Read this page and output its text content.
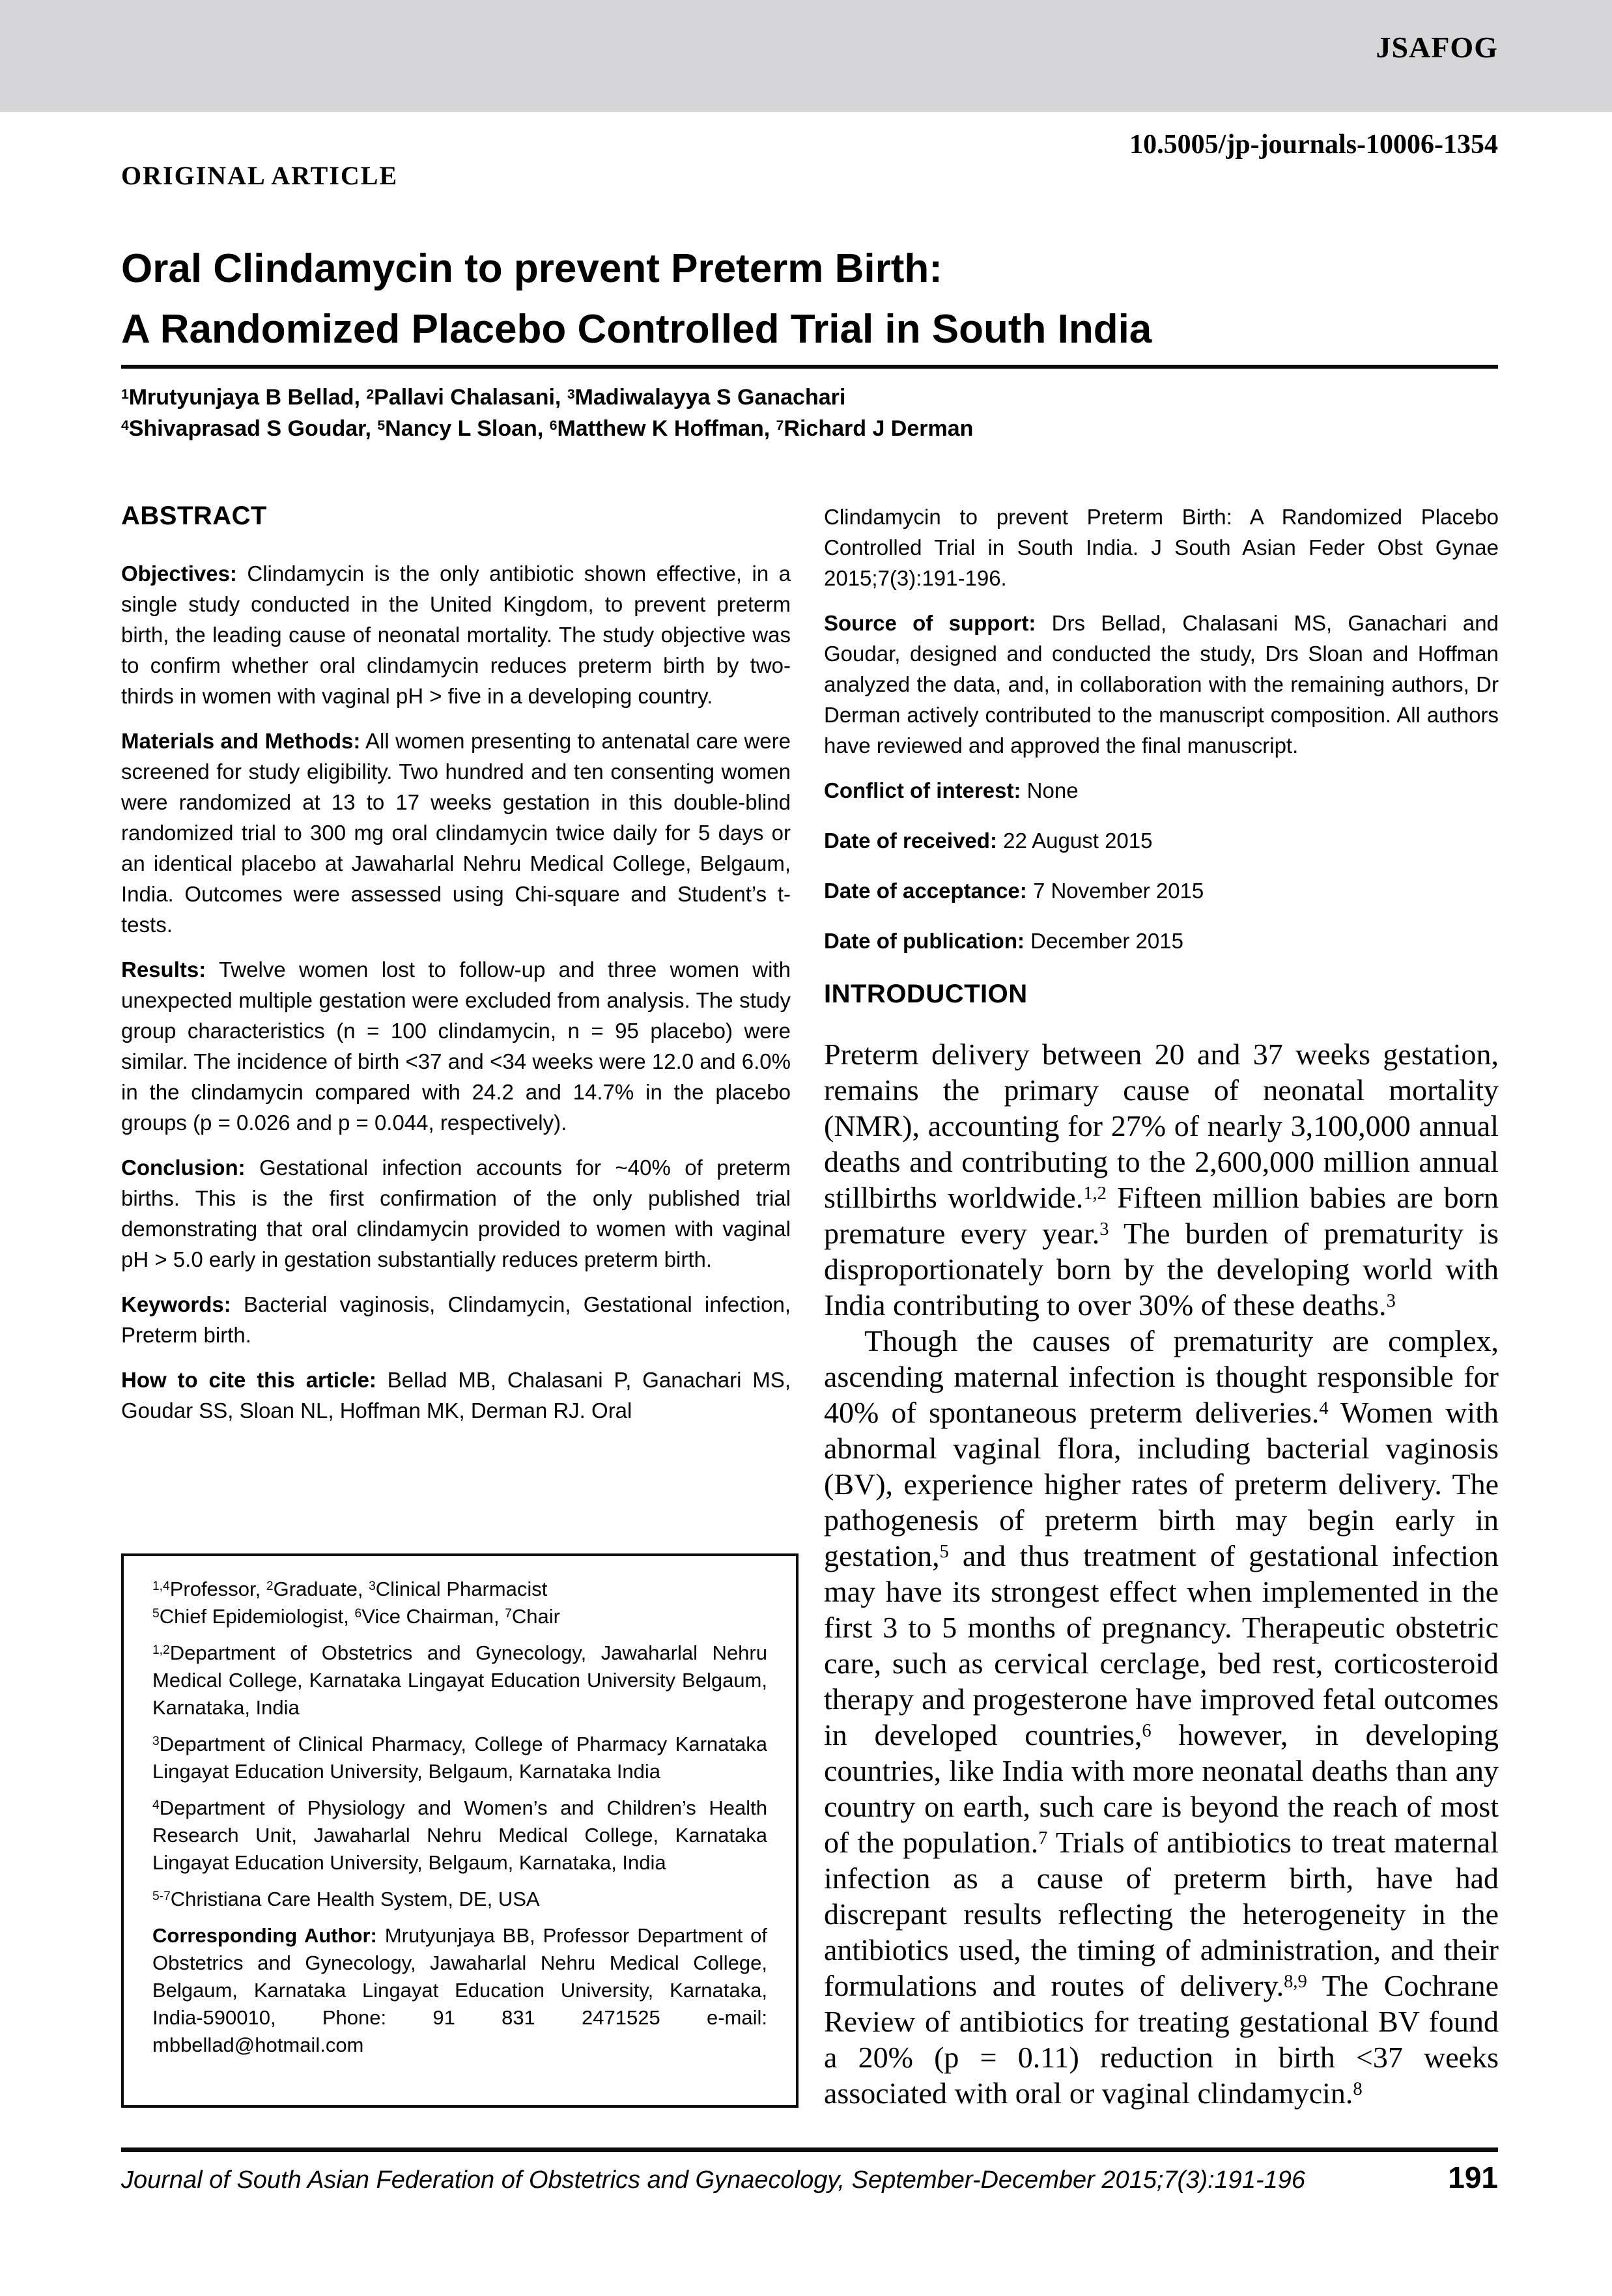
JSAFOG
10.5005/jp-journals-10006-1354
ORIGINAL ARTICLE
Oral Clindamycin to prevent Preterm Birth:
A Randomized Placebo Controlled Trial in South India
$^1$Mrutyunjaya B Bellad, $^2$Pallavi Chalasani, $^3$Madiwalayya S Ganachari
$^4$Shivaprasad S Goudar, $^5$Nancy L Sloan, $^6$Matthew K Hoffman, $^7$Richard J Derman
ABSTRACT

Objectives: Clindamycin is the only antibiotic shown effective, in a single study conducted in the United Kingdom, to prevent preterm birth, the leading cause of neonatal mortality. The study objective was to confirm whether oral clindamycin reduces preterm birth by two-thirds in women with vaginal pH > five in a developing country.

Materials and Methods: All women presenting to antenatal care were screened for study eligibility. Two hundred and ten consenting women were randomized at 13 to 17 weeks gestation in this double-blind randomized trial to 300 mg oral clindamycin twice daily for 5 days or an identical placebo at Jawaharlal Nehru Medical College, Belgaum, India. Outcomes were assessed using Chi-square and Student’s t-tests.

Results: Twelve women lost to follow-up and three women with unexpected multiple gestation were excluded from analysis. The study group characteristics (n = 100 clindamycin, n = 95 placebo) were similar. The incidence of birth <37 and <34 weeks were 12.0 and 6.0% in the clindamycin compared with 24.2 and 14.7% in the placebo groups (p = 0.026 and p = 0.044, respectively).

Conclusion: Gestational infection accounts for ~40% of preterm births. This is the first confirmation of the only published trial demonstrating that oral clindamycin provided to women with vaginal pH > 5.0 early in gestation substantially reduces preterm birth.

Keywords: Bacterial vaginosis, Clindamycin, Gestational infection, Preterm birth.

How to cite this article: Bellad MB, Chalasani P, Ganachari MS, Goudar SS, Sloan NL, Hoffman MK, Derman RJ. Oral

Clindamycin to prevent Preterm Birth: A Randomized Placebo Controlled Trial in South India. J South Asian Feder Obst Gynae 2015;7(3):191-196.

Source of support: Drs Bellad, Chalasani MS, Ganachari and Goudar, designed and conducted the study, Drs Sloan and Hoffman analyzed the data, and, in collaboration with the remaining authors, Dr Derman actively contributed to the manuscript composition. All authors have reviewed and approved the final manuscript.

Conflict of interest: None

Date of received: 22 August 2015

Date of acceptance: 7 November 2015

Date of publication: December 2015

INTRODUCTION

Preterm delivery between 20 and 37 weeks gestation, remains the primary cause of neonatal mortality (NMR), accounting for 27% of nearly 3,100,000 annual deaths and contributing to the 2,600,000 million annual stillbirths worldwide.$^{1,2}$ Fifteen million babies are born premature every year.$^3$ The burden of prematurity is disproportionately born by the developing world with India contributing to over 30% of these deaths.$^3$

Though the causes of prematurity are complex, ascending maternal infection is thought responsible for 40% of spontaneous preterm deliveries.$^4$ Women with abnormal vaginal flora, including bacterial vaginosis (BV), experience higher rates of preterm delivery. The pathogenesis of preterm birth may begin early in gestation,$^5$ and thus treatment of gestational infection may have its strongest effect when implemented in the first 3 to 5 months of pregnancy. Therapeutic obstetric care, such as cervical cerclage, bed rest, corticosteroid therapy and progesterone have improved fetal outcomes in developed countries,$^6$ however, in developing countries, like India with more neonatal deaths than any country on earth, such care is beyond the reach of most of the population.$^7$ Trials of antibiotics to treat maternal infection as a cause of preterm birth, have had discrepant results reflecting the heterogeneity in the antibiotics used, the timing of administration, and their formulations and routes of delivery.$^{8,9}$ The Cochrane Review of antibiotics for treating gestational BV found a 20% (p = 0.11) reduction in birth <37 weeks associated with oral or vaginal clindamycin.$^8$

$^{1,4}$Professor, $^2$Graduate, $^3$Clinical Pharmacist
$^5$Chief Epidemiologist, $^6$Vice Chairman, $^7$Chair

$^{1,2}$Department of Obstetrics and Gynecology, Jawaharlal Nehru Medical College, Karnataka Lingayat Education University Belgaum, Karnataka, India

$^3$Department of Clinical Pharmacy, College of Pharmacy Karnataka Lingayat Education University, Belgaum, Karnataka India

$^4$Department of Physiology and Women’s and Children’s Health Research Unit, Jawaharlal Nehru Medical College, Karnataka Lingayat Education University, Belgaum, Karnataka, India

$^{5-7}$Christiana Care Health System, DE, USA

Corresponding Author: Mrutyunjaya BB, Professor Department of Obstetrics and Gynecology, Jawaharlal Nehru Medical College, Belgaum, Karnataka Lingayat Education University, Karnataka, India-590010, Phone: 91 831 2471525 e-mail: mbbellad@hotmail.com

Journal of South Asian Federation of Obstetrics and Gynaecology, September-December 2015;7(3):191-196	191
